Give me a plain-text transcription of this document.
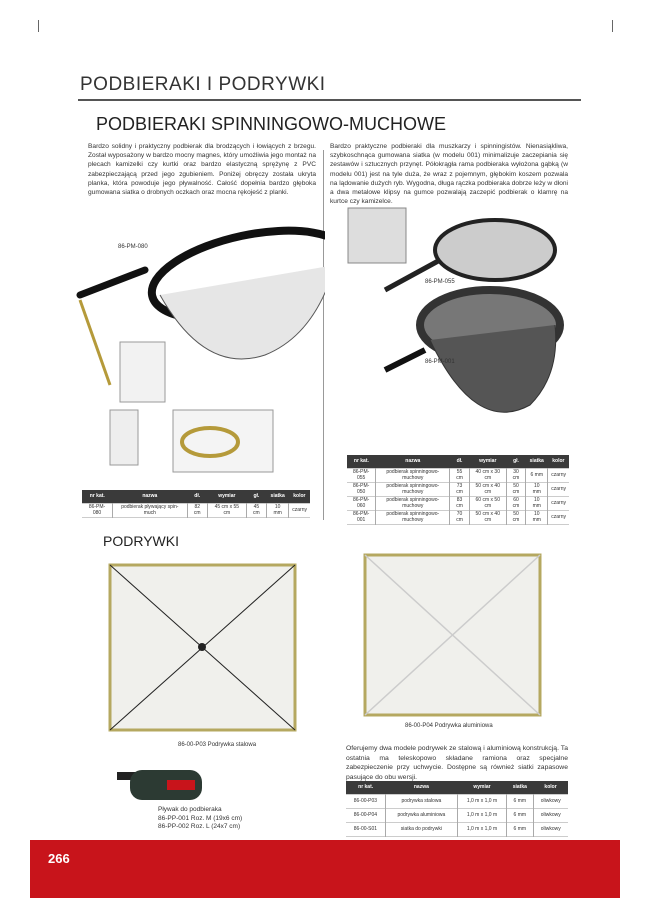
PODBIERAKI I PODRYWKI
PODBIERAKI SPINNINGOWO-MUCHOWE
Bardzo solidny i praktyczny podbierak dla brodzących i łowiących z brzegu. Został wyposażony w bardzo mocny magnes, który umożliwia jego montaż na plecach kamizelki czy kurtki oraz bardzo elastyczną sprężynę z PVC zabezpieczającą przed jego zgubieniem. Poniżej obręczy została ukryta planka, która powoduje jego pływalność. Całość dopełnia bardzo głęboka gumowana siatka o drobnych oczkach oraz mocna rękojeść z planki.
Bardzo praktyczne podbieraki dla muszkarzy i spinningistów. Nienasiąkliwa, szybkoschnąca gumowana siatka (w modelu 001) minimalizuje zaczepiania się zestawów i sztucznych przynęt. Półokrągła rama podbieraka wyłożona gąbką (w modelu 001) jest na tyle duża, że wraz z pojemnym, głębokim koszem pozwala na lądowanie dużych ryb. Wygodna, długa rączka podbieraka dobrze leży w dłoni a dwa metalowe klipsy na gumce pozwalają zaczepić podbierak o klamrę na kurtce czy kamizelce.
86-PM-080
86-PM-055
86-PM-001
nr kat.	nazwa	dł.	wymiar	gł.	siatka	kolor
86-PM-080	podbierak pływający spin-much	82 cm	45 cm x 55 cm	45 cm	10 mm	czarny
nr kat.	nazwa	dł.	wymiar	gł.	siatka	kolor
86-PM-055	podbierak spinningowo-muchowy	55 cm	40 cm x 30 cm	30 cm	6 mm	czarny
86-PM-050	podbierak spinningowo-muchowy	73 cm	50 cm x 40 cm	50 cm	10 mm	czarny
86-PM-060	podbierak spinningowo-muchowy	83 cm	60 cm x 50 cm	60 cm	10 mm	czarny
86-PM-001	podbierak spinningowo-muchowy	70 cm	50 cm x 40 cm	50 cm	10 mm	czarny
PODRYWKI
86-00-P03 Podrywka stalowa
86-00-P04 Podrywka aluminiowa
Pływak do podbieraka
86-PP-001 Roz. M (19x6 cm)
86-PP-002 Roz. L (24x7 cm)
Oferujemy dwa modele podrywek ze stalową i aluminiową konstrukcją. Ta ostatnia ma teleskopowo składane ramiona oraz specjalne zabezpieczenie przy uchwycie. Dostępne są również siatki zapasowe pasujące do obu wersji.
nr kat.	nazwa	wymiar	siatka	kolor
86-00-P03	podrywka stalowa	1,0 m x 1,0 m	6 mm	oliwkowy
86-00-P04	podrywka aluminiowa	1,0 m x 1,0 m	6 mm	oliwkowy
86-00-S01	siatka do podrywki	1,0 m x 1,0 m	6 mm	oliwkowy
266
